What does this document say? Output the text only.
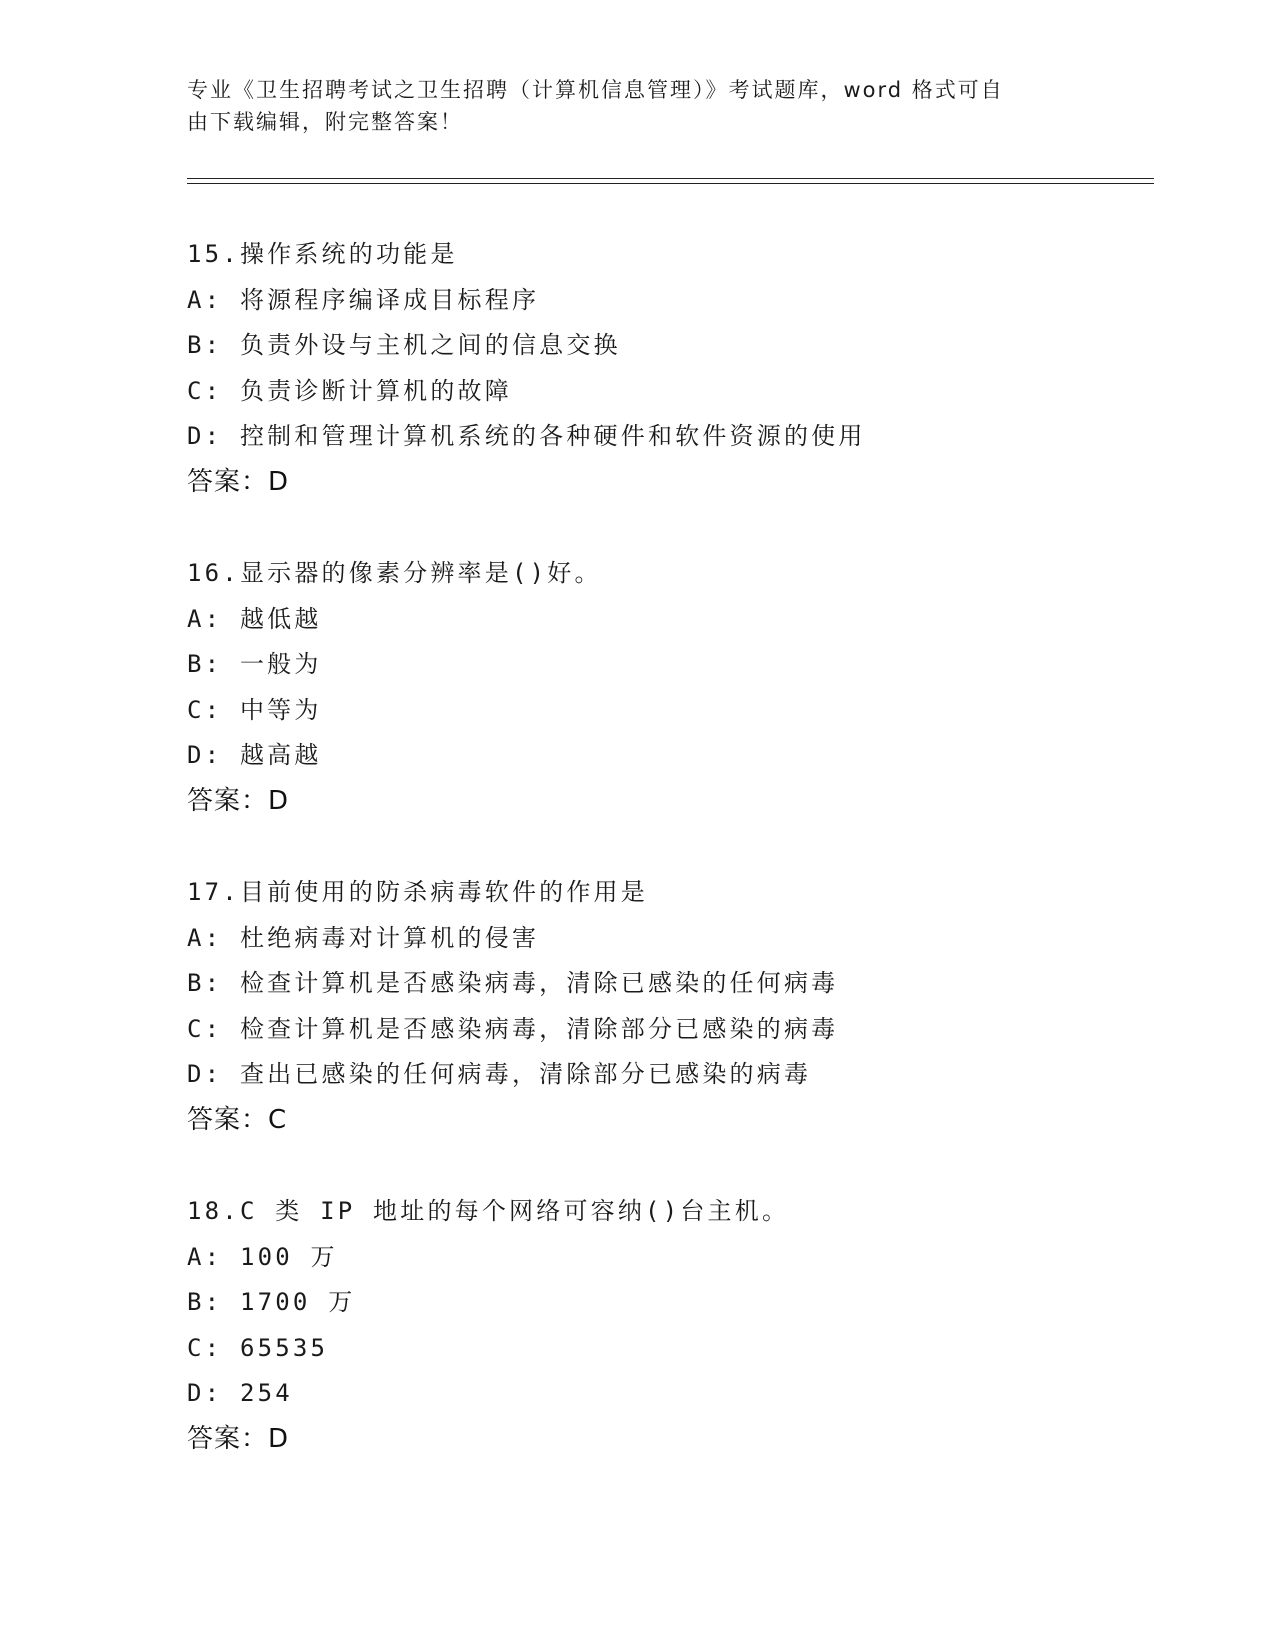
专业《卫生招聘考试之卫生招聘（计算机信息管理）》考试题库，word 格式可自
由下载编辑，附完整答案！
15.操作系统的功能是
A: 将源程序编译成目标程序
B: 负责外设与主机之间的信息交换
C: 负责诊断计算机的故障
D: 控制和管理计算机系统的各种硬件和软件资源的使用
答案：D
16.显示器的像素分辨率是()好。
A: 越低越
B: 一般为
C: 中等为
D: 越高越
答案：D
17.目前使用的防杀病毒软件的作用是
A: 杜绝病毒对计算机的侵害
B: 检查计算机是否感染病毒，清除已感染的任何病毒
C: 检查计算机是否感染病毒，清除部分已感染的病毒
D: 查出已感染的任何病毒，清除部分已感染的病毒
答案：C
18.C 类 IP 地址的每个网络可容纳()台主机。
A: 100 万
B: 1700 万
C: 65535
D: 254
答案：D
